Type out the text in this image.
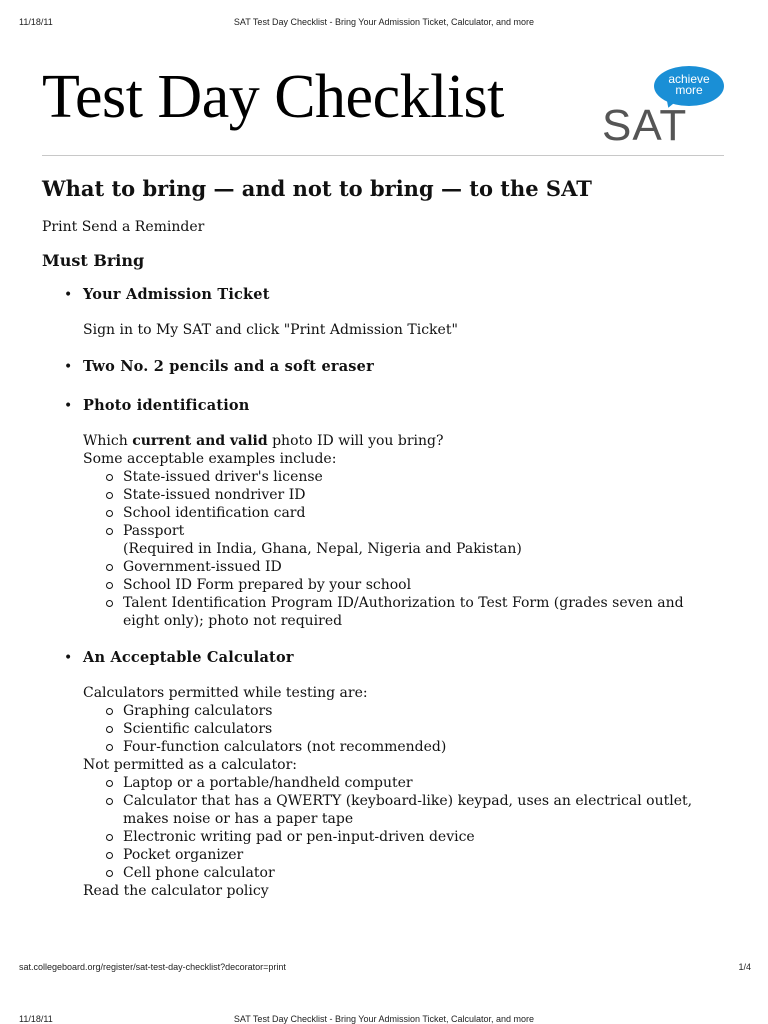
11/18/11	SAT Test Day Checklist - Bring Your Admission Ticket, Calculator, and more
Test Day Checklist	achieve
more
SAT
What to bring — and not to bring — to the SAT
Print Send a Reminder
Must Bring
• Your Admission Ticket
Sign in to My SAT and click "Print Admission Ticket"
• Two No. 2 pencils and a soft eraser
• Photo identification
Which current and valid photo ID will you bring?
Some acceptable examples include:
State-issued driver's license
State-issued nondriver ID
School identification card
Passport
(Required in India, Ghana, Nepal, Nigeria and Pakistan)
Government-issued ID
School ID Form prepared by your school
Talent Identification Program ID/Authorization to Test Form (grades seven and
eight only); photo not required
• An Acceptable Calculator
Calculators permitted while testing are:
Graphing calculators
Scientific calculators
Four-function calculators (not recommended)
Not permitted as a calculator:
Laptop or a portable/handheld computer
Calculator that has a QWERTY (keyboard-like) keypad, uses an electrical outlet,
makes noise or has a paper tape
Electronic writing pad or pen-input-driven device
Pocket organizer
Cell phone calculator
Read the calculator policy
sat.collegeboard.org/register/sat-test-day-checklist?decorator=print	1/4
11/18/11	SAT Test Day Checklist - Bring Your Admission Ticket, Calculator, and more
